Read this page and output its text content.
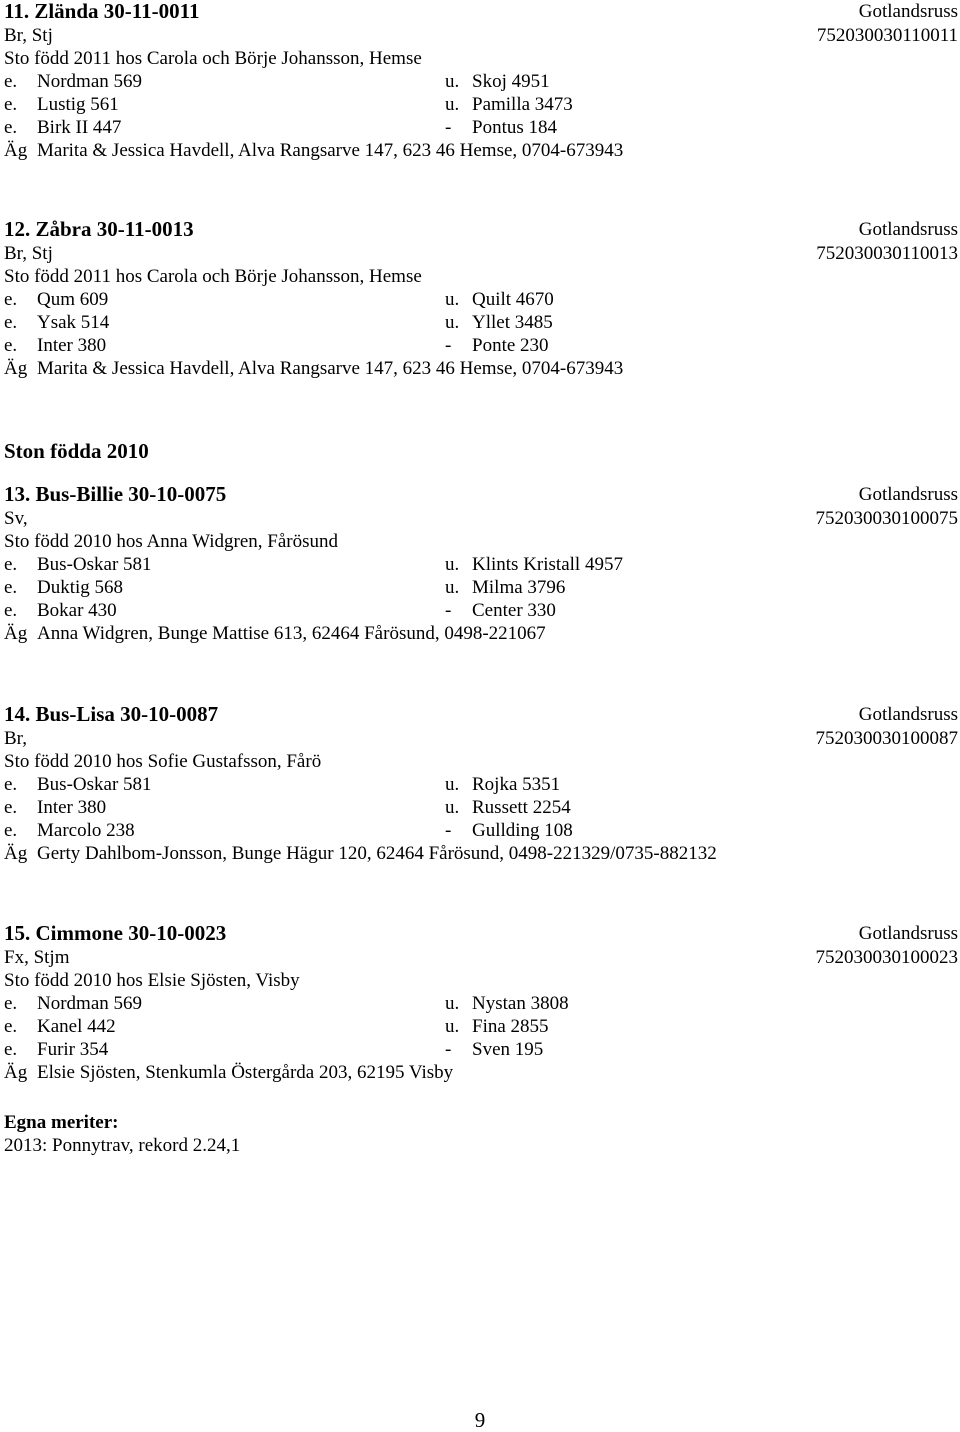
11. Zlända 30-11-0011	Gotlandsruss
Br, Stj	752030030110011
Sto född 2011 hos Carola och Börje Johansson, Hemse
e. Nordman 569	u. Skoj 4951
e. Lustig 561	u. Pamilla 3473
e. Birk II 447	- Pontus 184
Äg Marita & Jessica Havdell, Alva Rangsarve 147, 623 46 Hemse, 0704-673943
12. Zåbra 30-11-0013	Gotlandsruss
Br, Stj	752030030110013
Sto född 2011 hos Carola och Börje Johansson, Hemse
e. Qum 609	u. Quilt 4670
e. Ysak 514	u. Yllet 3485
e. Inter 380	- Ponte 230
Äg Marita & Jessica Havdell, Alva Rangsarve 147, 623 46 Hemse, 0704-673943
Ston födda 2010
13. Bus-Billie 30-10-0075	Gotlandsruss
Sv,	752030030100075
Sto född 2010 hos Anna Widgren, Fårösund
e. Bus-Oskar 581	u. Klints Kristall 4957
e. Duktig 568	u. Milma 3796
e. Bokar 430	- Center 330
Äg Anna Widgren, Bunge Mattise 613, 62464 Fårösund, 0498-221067
14. Bus-Lisa 30-10-0087	Gotlandsruss
Br,	752030030100087
Sto född 2010 hos Sofie Gustafsson, Fårö
e. Bus-Oskar 581	u. Rojka 5351
e. Inter 380	u. Russett 2254
e. Marcolo 238	- Gullding 108
Äg Gerty Dahlbom-Jonsson, Bunge Hägur 120, 62464 Fårösund, 0498-221329/0735-882132
15. Cimmone 30-10-0023	Gotlandsruss
Fx, Stjm	752030030100023
Sto född 2010 hos Elsie Sjösten, Visby
e. Nordman 569	u. Nystan 3808
e. Kanel 442	u. Fina 2855
e. Furir 354	- Sven 195
Äg Elsie Sjösten, Stenkumla Östergårda 203, 62195 Visby
Egna meriter:
2013: Ponnytrav, rekord 2.24,1
9
